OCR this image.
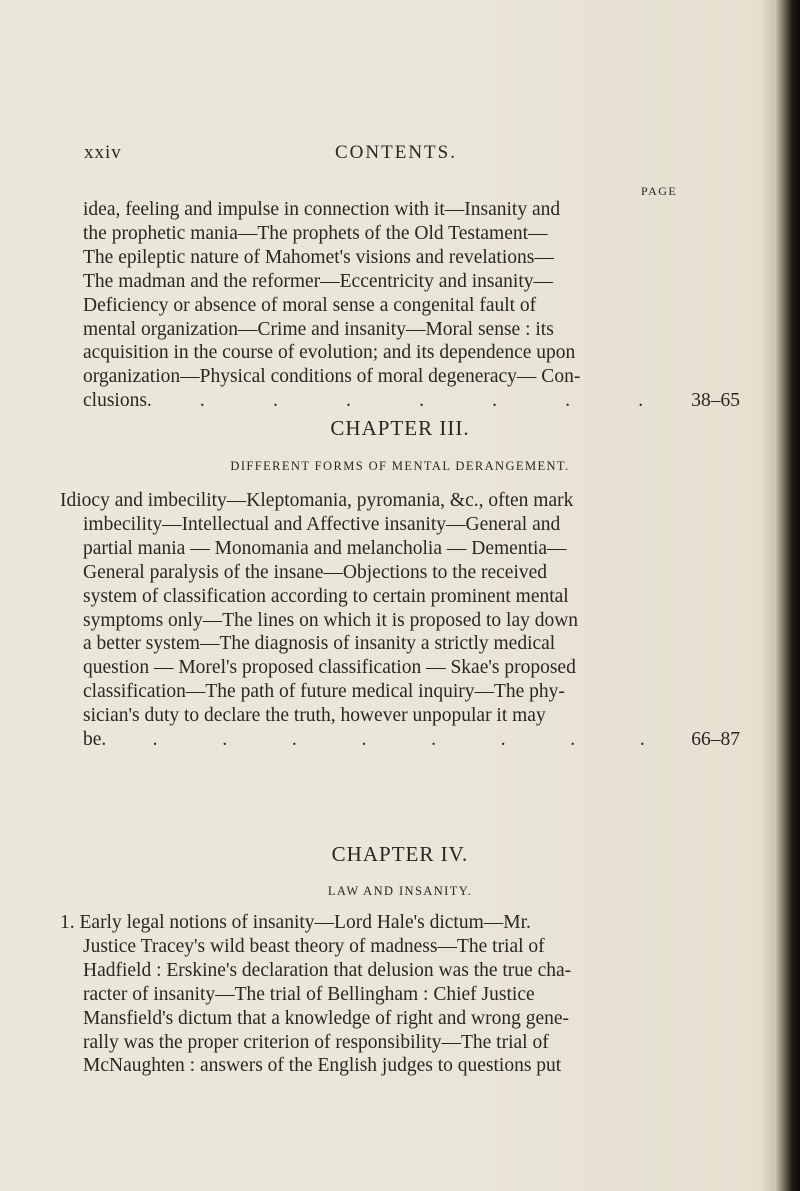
xxiv	CONTENTS.
PAGE
idea, feeling and impulse in connection with it—Insanity and
the prophetic mania—The prophets of the Old Testament—
The epileptic nature of Mahomet's visions and revelations—
The madman and the reformer—Eccentricity and insanity—
Deficiency or absence of moral sense a congenital fault of
mental organization—Crime and insanity—Moral sense : its
acquisition in the course of evolution; and its dependence upon
organization—Physical conditions of moral degeneracy— Con-
clusions. .	.	.	.	.	.	. 38–65
CHAPTER III.
DIFFERENT FORMS OF MENTAL DERANGEMENT.
Idiocy and imbecility—Kleptomania, pyromania, &c., often mark
imbecility—Intellectual and Affective insanity—General and
partial mania — Monomania and melancholia — Dementia—
General paralysis of the insane—Objections to the received
system of classification according to certain prominent mental
symptoms only—The lines on which it is proposed to lay down
a better system—The diagnosis of insanity a strictly medical
question — Morel's proposed classification — Skae's proposed
classification—The path of future medical inquiry—The phy-
sician's duty to declare the truth, however unpopular it may
be. .	.	.	.	.	.	.	. 66–87
CHAPTER IV.
LAW AND INSANITY.
1. Early legal notions of insanity—Lord Hale's dictum—Mr.
Justice Tracey's wild beast theory of madness—The trial of
Hadfield : Erskine's declaration that delusion was the true cha-
racter of insanity—The trial of Bellingham : Chief Justice
Mansfield's dictum that a knowledge of right and wrong gene-
rally was the proper criterion of responsibility—The trial of
McNaughten : answers of the English judges to questions put
